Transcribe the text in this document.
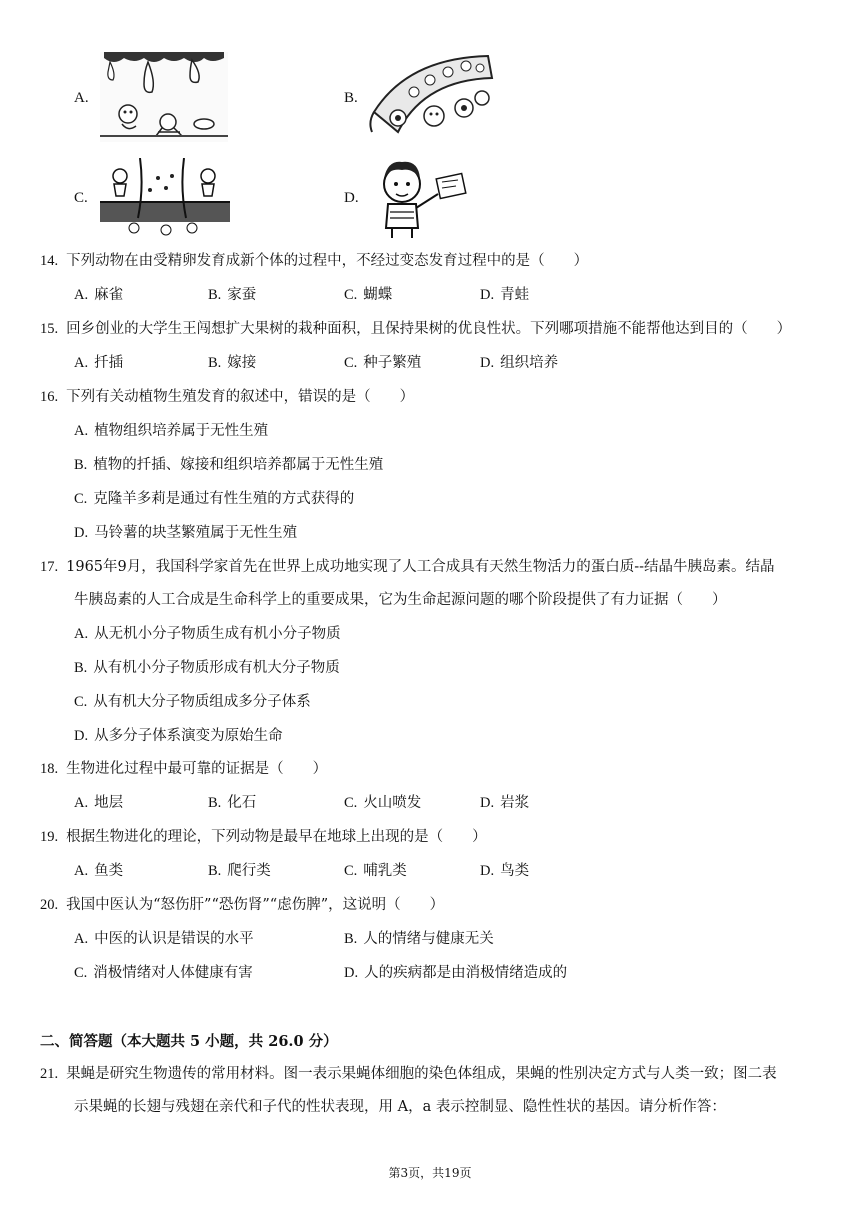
A.	B.
C.	D.
14. 下列动物在由受精卵发育成新个体的过程中，不经过变态发育过程中的是（　　）
A. 麻雀	B. 家蚕	C. 蝴蝶	D. 青蛙
15. 回乡创业的大学生王闯想扩大果树的栽种面积，且保持果树的优良性状。下列哪项措施不能帮他达到目的（　　）
A. 扦插	B. 嫁接	C. 种子繁殖	D. 组织培养
16. 下列有关动植物生殖发育的叙述中，错误的是（　　）
A. 植物组织培养属于无性生殖
B. 植物的扦插、嫁接和组织培养都属于无性生殖
C. 克隆羊多莉是通过有性生殖的方式获得的
D. 马铃薯的块茎繁殖属于无性生殖
17. 1965年9月，我国科学家首先在世界上成功地实现了人工合成具有天然生物活力的蛋白质--结晶牛胰岛素。结晶
牛胰岛素的人工合成是生命科学上的重要成果，它为生命起源问题的哪个阶段提供了有力证据（　　）
A. 从无机小分子物质生成有机小分子物质
B. 从有机小分子物质形成有机大分子物质
C. 从有机大分子物质组成多分子体系
D. 从多分子体系演变为原始生命
18. 生物进化过程中最可靠的证据是（　　）
A. 地层	B. 化石	C. 火山喷发	D. 岩浆
19. 根据生物进化的理论，下列动物是最早在地球上出现的是（　　）
A. 鱼类	B. 爬行类	C. 哺乳类	D. 鸟类
20. 我国中医认为“怒伤肝”“恐伤肾”“虑伤脾”，这说明（　　）
A. 中医的认识是错误的水平	B. 人的情绪与健康无关
C. 消极情绪对人体健康有害	D. 人的疾病都是由消极情绪造成的
二、简答题（本大题共 5 小题，共 26.0 分）
21. 果蝇是研究生物遗传的常用材料。图一表示果蝇体细胞的染色体组成，果蝇的性别决定方式与人类一致；图二表
示果蝇的长翅与残翅在亲代和子代的性状表现，用 A，a 表示控制显、隐性性状的基因。请分析作答：
第3页，共19页
